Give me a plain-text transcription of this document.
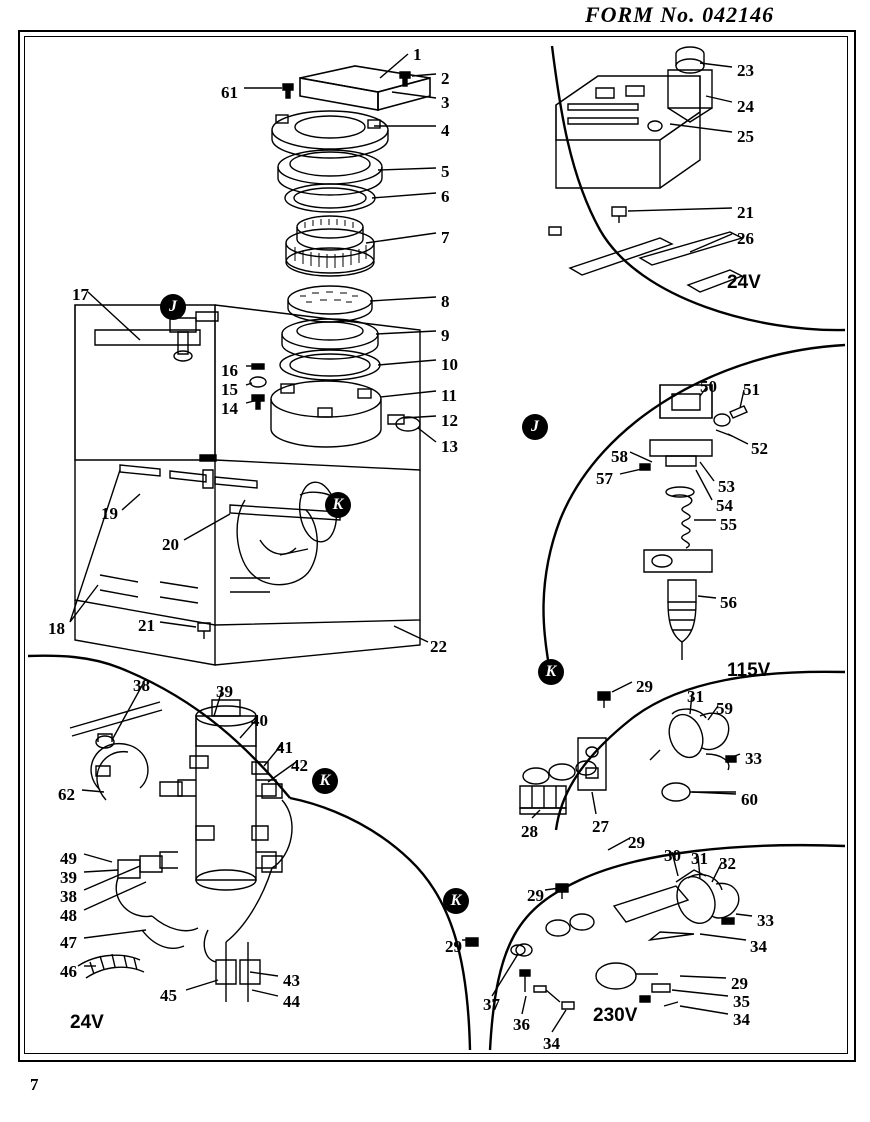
FORM No. 042146
1
2
3
61
4
5
6
7
8
9
10
11
12
13
14
15
16
17
18
19
20
21
22
23
24
25
21
26
50 51
52
53
54
55
56
57
58
29
31
59
33
60
28	27
29
29
30 31 32
33
34
29
29
35
34
37
36
34
38	39
40
41
42
62
49
39
38
48
47
46
45
43
44
24V
115V
24V	230V
J
K
J
K
K
K
7
